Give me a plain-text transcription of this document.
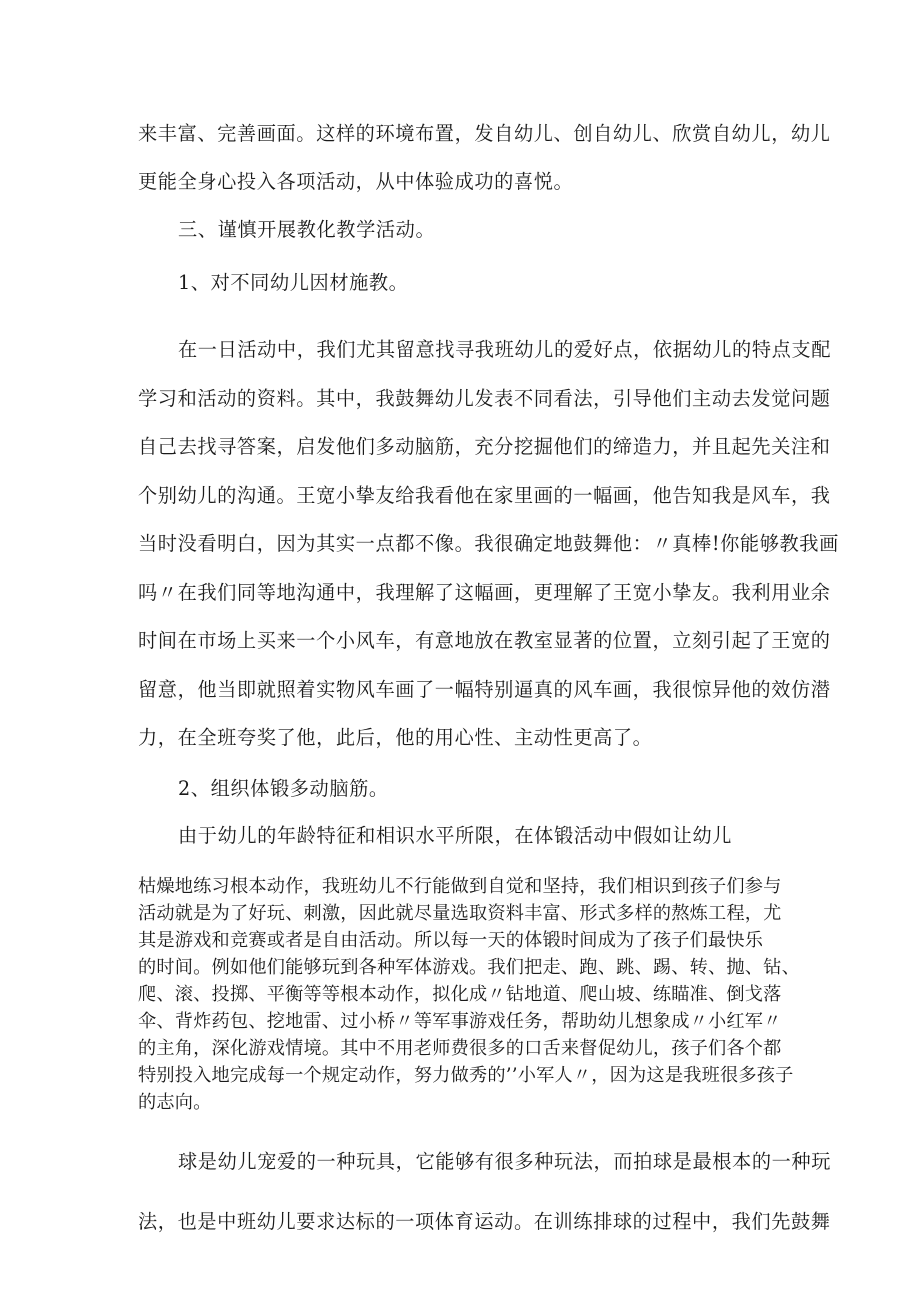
来丰富、完善画面。这样的环境布置，发自幼儿、创自幼儿、欣赏自幼儿，幼儿
更能全身心投入各项活动，从中体验成功的喜悦。
三、谨慎开展教化教学活动。
1、对不同幼儿因材施教。
在一日活动中，我们尤其留意找寻我班幼儿的爱好点，依据幼儿的特点支配
学习和活动的资料。其中，我鼓舞幼儿发表不同看法，引导他们主动去发觉问题
自己去找寻答案，启发他们多动脑筋，充分挖掘他们的缔造力，并且起先关注和
个别幼儿的沟通。王宽小挚友给我看他在家里画的一幅画，他告知我是风车，我
当时没看明白，因为其实一点都不像。我很确定地鼓舞他：〃真棒!你能够教我画
吗〃在我们同等地沟通中，我理解了这幅画，更理解了王宽小挚友。我利用业余
时间在市场上买来一个小风车，有意地放在教室显著的位置，立刻引起了王宽的
留意，他当即就照着实物风车画了一幅特别逼真的风车画，我很惊异他的效仿潜
力，在全班夸奖了他，此后，他的用心性、主动性更高了。
2、组织体锻多动脑筋。
由于幼儿的年龄特征和相识水平所限，在体锻活动中假如让幼儿
枯燥地练习根本动作，我班幼儿不行能做到自觉和坚持，我们相识到孩子们参与
活动就是为了好玩、刺激，因此就尽量选取资料丰富、形式多样的熬炼工程，尤
其是游戏和竞赛或者是自由活动。所以每一天的体锻时间成为了孩子们最快乐
的时间。例如他们能够玩到各种军体游戏。我们把走、跑、跳、踢、转、抛、钻、
爬、滚、投掷、平衡等等根本动作，拟化成〃钻地道、爬山坡、练瞄准、倒戈落
伞、背炸药包、挖地雷、过小桥〃等军事游戏任务，帮助幼儿想象成〃小红军〃
的主角，深化游戏情境。其中不用老师费很多的口舌来督促幼儿，孩子们各个都
特别投入地完成每一个规定动作，努力做秀的’’小军人〃，因为这是我班很多孩子
的志向。
球是幼儿宠爱的一种玩具，它能够有很多种玩法，而拍球是最根本的一种玩
法，也是中班幼儿要求达标的一项体育运动。在训练排球的过程中，我们先鼓舞
